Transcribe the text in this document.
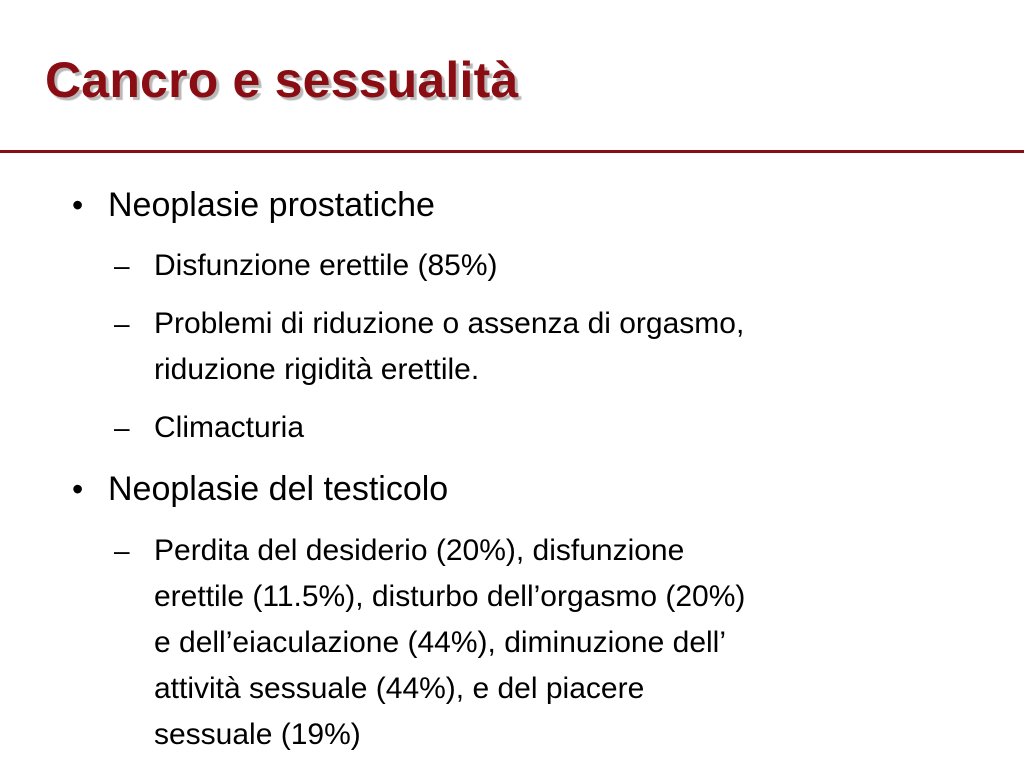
Cancro e sessualità
• Neoplasie prostatiche
– Disfunzione erettile (85%)
– Problemi di riduzione o assenza di orgasmo,
riduzione rigidità erettile.
– Climacturia
• Neoplasie del testicolo
– Perdita del desiderio (20%), disfunzione
erettile (11.5%), disturbo dell’orgasmo (20%)
e dell’eiaculazione (44%), diminuzione dell’
attività sessuale (44%), e del piacere
sessuale (19%)
